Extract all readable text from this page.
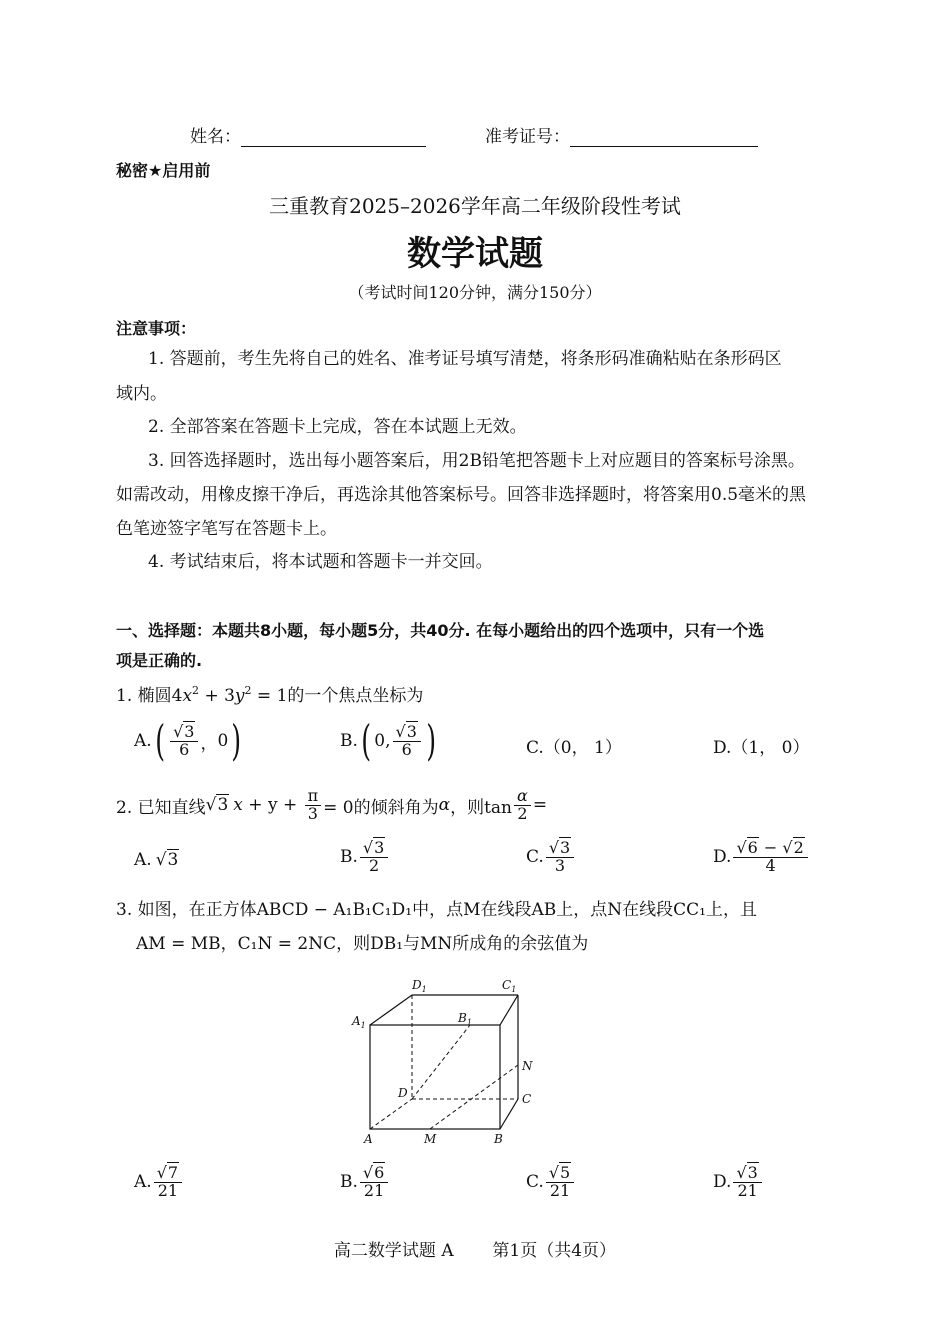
姓名：	准考证号：
秘密★启用前
三重教育2025–2026学年高二年级阶段性考试
数学试题
（考试时间120分钟，满分150分）
注意事项：
1. 答题前，考生先将自己的姓名、准考证号填写清楚，将条形码准确粘贴在条形码区
域内。
2. 全部答案在答题卡上完成，答在本试题上无效。
3. 回答选择题时，选出每小题答案后，用2B铅笔把答题卡上对应题目的答案标号涂黑。
如需改动，用橡皮擦干净后，再选涂其他答案标号。回答非选择题时，将答案用0.5毫米的黑
色笔迹签字笔写在答题卡上。
4. 考试结束后，将本试题和答题卡一并交回。
一、选择题：本题共8小题，每小题5分，共40分. 在每小题给出的四个选项中，只有一个选
项是正确的.
1. 椭圆$4x^2 + 3y^2 = 1$的一个焦点坐标为
A. ( $\frac{√3}{6}$ ， 0 )	B. ( 0 , $\frac{√3}{6}$ )	C.（0， 1）	D.（1， 0）
2. 已知直线 √ 3 $x + y + \frac{\pi}{3} = 0$的倾斜角为 α ，则$\tan \frac{\alpha}{2}$ =
A. √ 3	B. $\frac{√3}{2}$	C. $\frac{√3}{3}$	D. $\frac{√6 - √2}{4}$
3. 如图，在正方体ABCD − A₁B₁C₁D₁中，点M在线段AB上，点N在线段CC₁上，且
AM = MB，C₁N = 2NC，则DB₁与MN所成角的余弦值为
$D_1$	$C_1$
$A_1$
$B_1$
N
D	C
A	M	B
A. $\frac{√7}{21}$	B. $\frac{√6}{21}$	C. $\frac{√5}{21}$	D. $\frac{√3}{21}$
高二数学试题 A 第1页（共4页）
